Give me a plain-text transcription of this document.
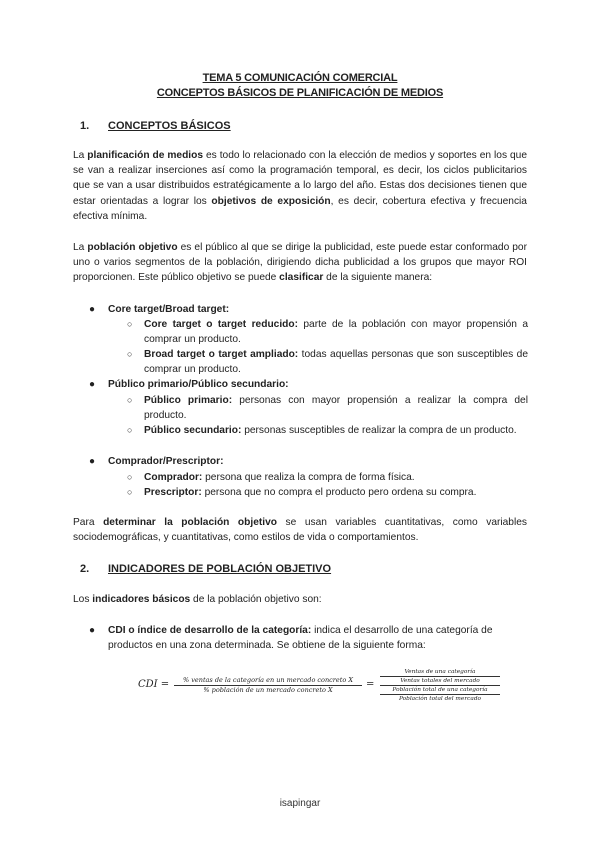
TEMA 5 COMUNICACIÓN COMERCIAL
CONCEPTOS BÁSICOS DE PLANIFICACIÓN DE MEDIOS
1. CONCEPTOS BÁSICOS

La planificación de medios es todo lo relacionado con la elección de medios y soportes en los que se van a realizar inserciones así como la programación temporal, es decir, los ciclos publicitarios que se van a usar distribuidos estratégicamente a lo largo del año. Estas dos decisiones tienen que estar orientadas a lograr los objetivos de exposición, es decir, cobertura efectiva y frecuencia efectiva mínima.

La población objetivo es el público al que se dirige la publicidad, este puede estar conformado por uno o varios segmentos de la población, dirigiendo dicha publicidad a los grupos que mayor ROI proporcionen. Este público objetivo se puede clasificar de la siguiente manera:

● Core target/Broad target:
○ Core target o target reducido: parte de la población con mayor propensión a comprar un producto.
○ Broad target o target ampliado: todas aquellas personas que son susceptibles de comprar un producto.
● Público primario/Público secundario:
○ Público primario: personas con mayor propensión a realizar la compra del producto.
○ Público secundario: personas susceptibles de realizar la compra de un producto.
● Comprador/Prescriptor:
○ Comprador: persona que realiza la compra de forma física.
○ Prescriptor: persona que no compra el producto pero ordena su compra.

Para determinar la población objetivo se usan variables cuantitativas, como variables sociodemográficas, y cuantitativas, como estilos de vida o comportamientos.

2. INDICADORES DE POBLACIÓN OBJETIVO

Los indicadores básicos de la población objetivo son:

● CDI o índice de desarrollo de la categoría: indica el desarrollo de una categoría de productos en una zona determinada. Se obtiene de la siguiente forma:
CDI =	% ventas de la categoría en un mercado concreto X
% población de un mercado concreto X	=
Ventas de una categoría
Ventas totales del mercado
Población total de una categoría
Población total del mercado
isapingar
